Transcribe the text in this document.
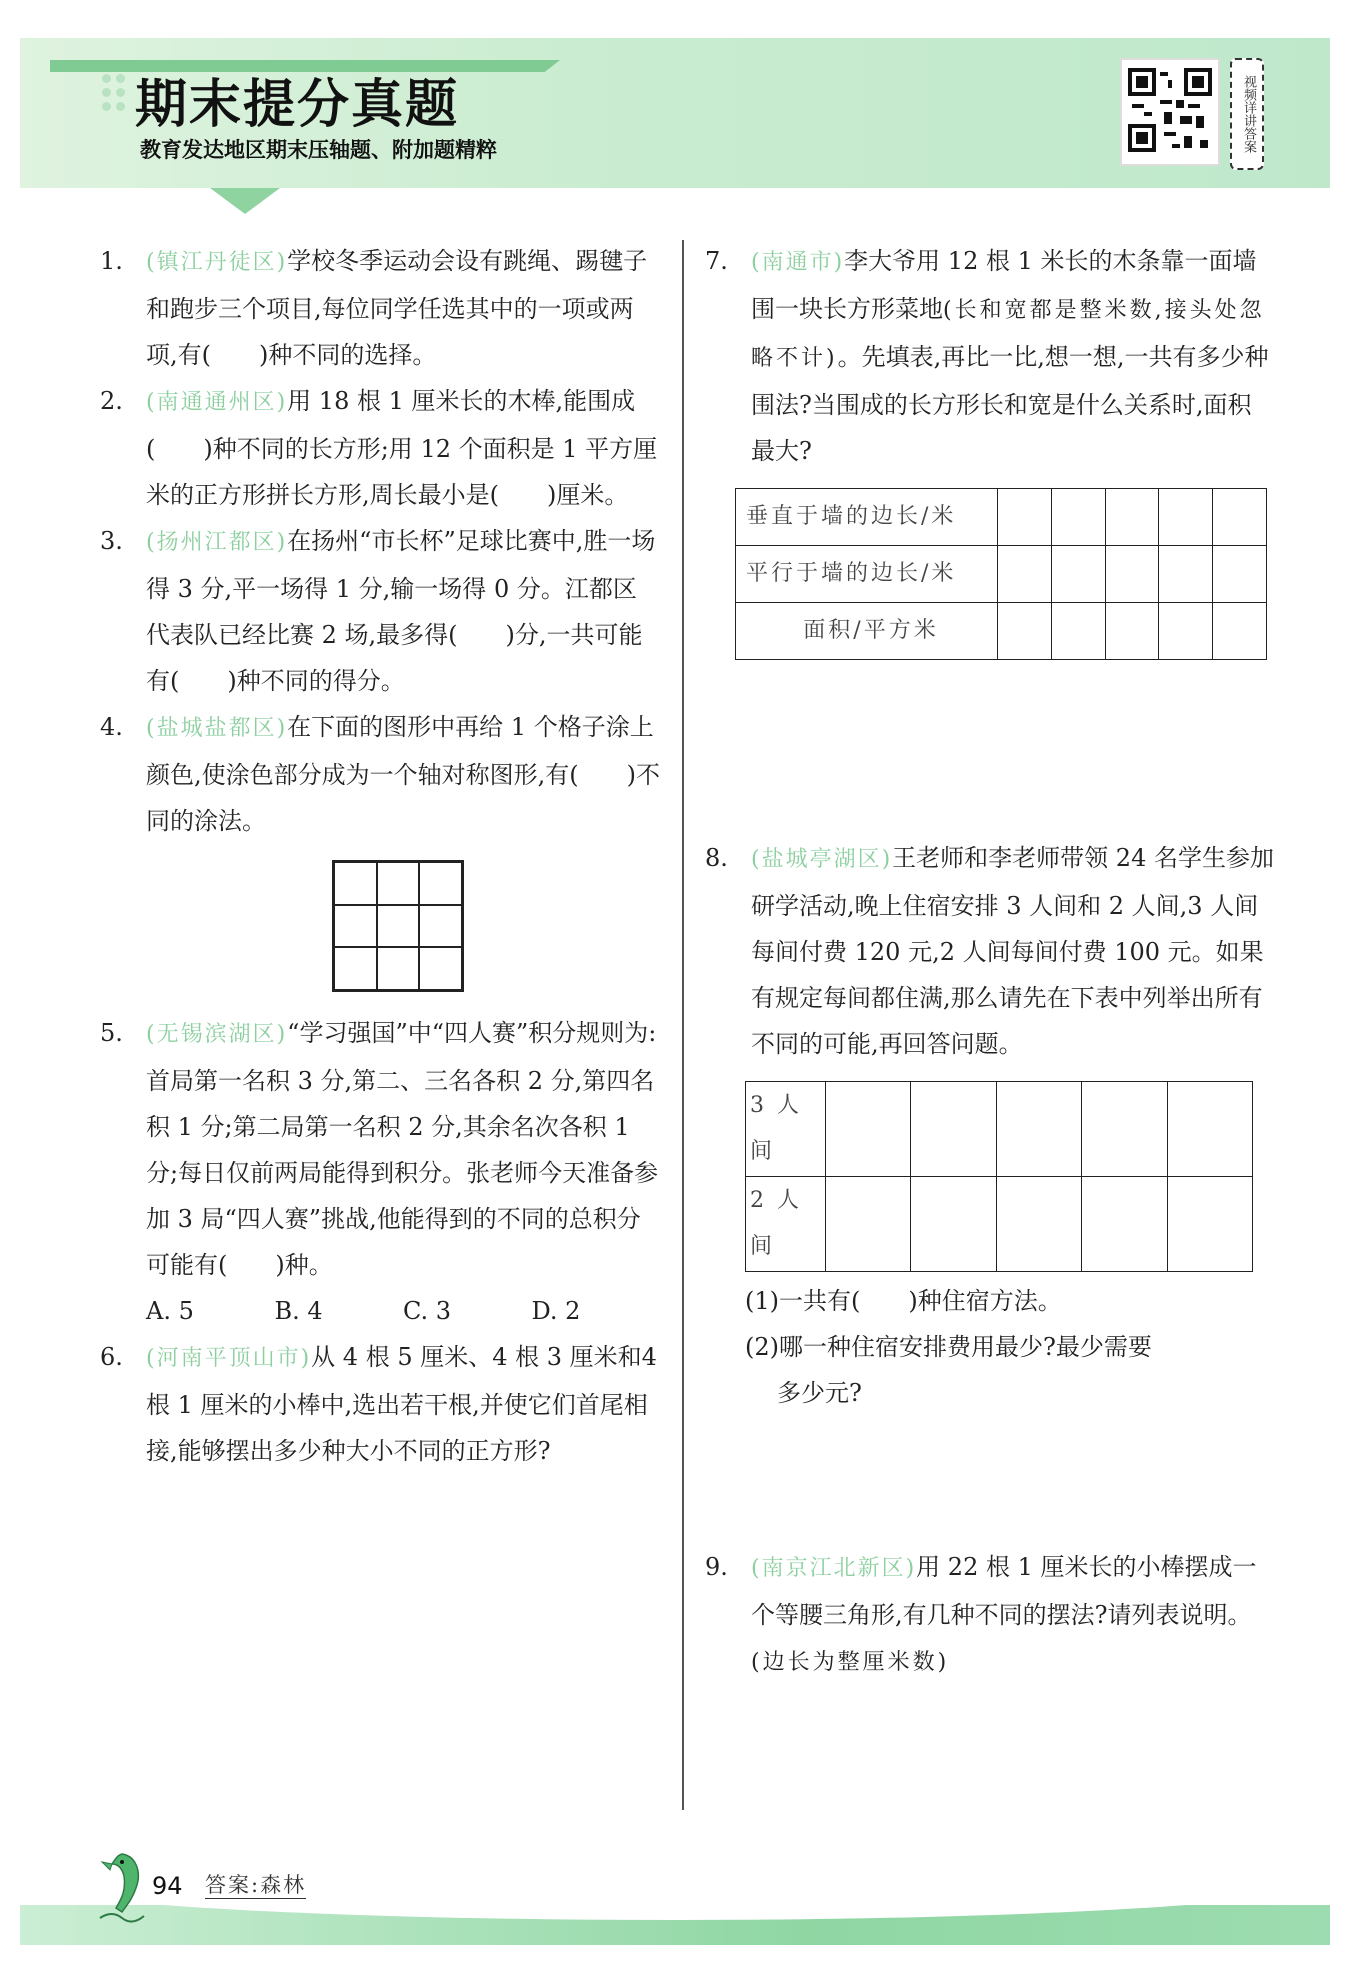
期末提分真题
教育发达地区期末压轴题、附加题精粹	视频详讲答案
1.	(镇江丹徒区)学校冬季运动会设有跳绳、踢毽子和跑步三个项目,每位同学任选其中的一项或两项,有(　　)种不同的选择。
2.	(南通通州区)用 18 根 1 厘米长的木棒,能围成(　　)种不同的长方形;用 12 个面积是 1 平方厘米的正方形拼长方形,周长最小是(　　)厘米。
3.	(扬州江都区)在扬州“市长杯”足球比赛中,胜一场得 3 分,平一场得 1 分,输一场得 0 分。江都区代表队已经比赛 2 场,最多得(　　)分,一共可能有(　　)种不同的得分。
4.	(盐城盐都区)在下面的图形中再给 1 个格子涂上颜色,使涂色部分成为一个轴对称图形,有(　　)不同的涂法。
5.	(无锡滨湖区)“学习强国”中“四人赛”积分规则为:首局第一名积 3 分,第二、三名各积 2 分,第四名积 1 分;第二局第一名积 2 分,其余名次各积 1 分;每日仅前两局能得到积分。张老师今天准备参加 3 局“四人赛”挑战,他能得到的不同的总积分可能有(　　)种。
A. 5	B. 4	C. 3	D. 2
6.	(河南平顶山市)从 4 根 5 厘米、4 根 3 厘米和4 根 1 厘米的小棒中,选出若干根,并使它们首尾相接,能够摆出多少种大小不同的正方形?
7.	(南通市)李大爷用 12 根 1 米长的木条靠一面墙围一块长方形菜地(长和宽都是整米数,接头处忽略不计)。先填表,再比一比,想一想,一共有多少种围法?当围成的长方形长和宽是什么关系时,面积最大?
垂直于墙的边长/米					
平行于墙的边长/米					
面积/平方米					
8.	(盐城亭湖区)王老师和李老师带领 24 名学生参加研学活动,晚上住宿安排 3 人间和 2 人间,3 人间每间付费 120 元,2 人间每间付费 100 元。如果有规定每间都住满,那么请先在下表中列举出所有不同的可能,再回答问题。
3 人间					
2 人间					
(1)一共有(　　)种住宿方法。
(2)哪一种住宿安排费用最少?最少需要
多少元?
9.	(南京江北新区)用 22 根 1 厘米长的小棒摆成一个等腰三角形,有几种不同的摆法?请列表说明。(边长为整厘米数)
94 答案:森林
